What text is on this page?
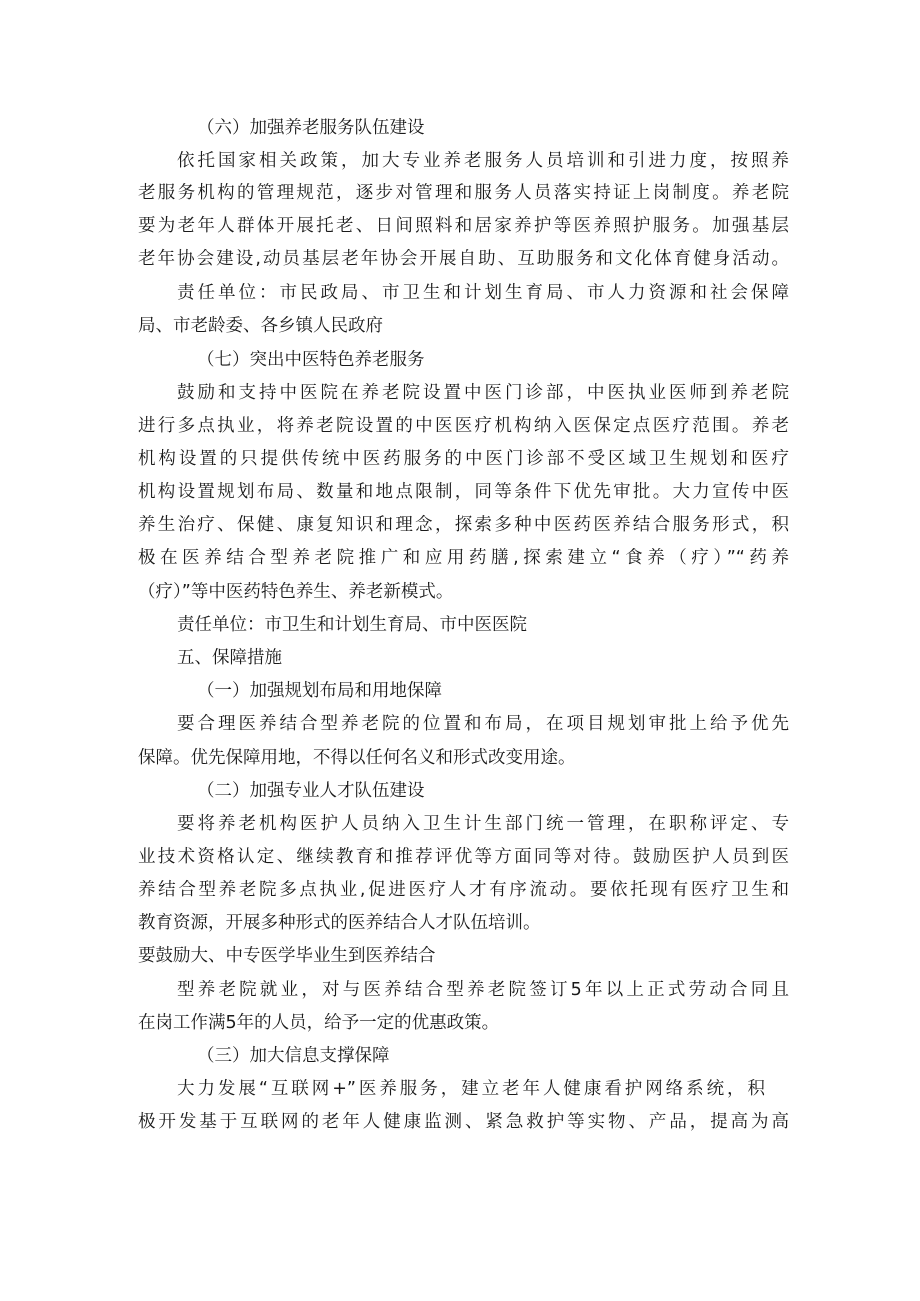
（六）加强养老服务队伍建设
依托国家相关政策，加大专业养老服务人员培训和引进力度，按照养
老服务机构的管理规范，逐步对管理和服务人员落实持证上岗制度。养老院
要为老年人群体开展托老、日间照料和居家养护等医养照护服务。加强基层
老年协会建设,动员基层老年协会开展自助、互助服务和文化体育健身活动。
责任单位：市民政局、市卫生和计划生育局、市人力资源和社会保障
局、市老龄委、各乡镇人民政府
（七）突出中医特色养老服务
鼓励和支持中医院在养老院设置中医门诊部，中医执业医师到养老院
进行多点执业，将养老院设置的中医医疗机构纳入医保定点医疗范围。养老
机构设置的只提供传统中医药服务的中医门诊部不受区域卫生规划和医疗
机构设置规划布局、数量和地点限制，同等条件下优先审批。大力宣传中医
养生治疗、保健、康复知识和理念，探索多种中医药医养结合服务形式，积
极在医养结合型养老院推广和应用药膳,探索建立“食养（疗）”“药养
（疗）”等中医药特色养生、养老新模式。
责任单位：市卫生和计划生育局、市中医医院
五、保障措施
（一）加强规划布局和用地保障
要合理医养结合型养老院的位置和布局，在项目规划审批上给予优先
保障。优先保障用地，不得以任何名义和形式改变用途。
（二）加强专业人才队伍建设
要将养老机构医护人员纳入卫生计生部门统一管理，在职称评定、专
业技术资格认定、继续教育和推荐评优等方面同等对待。鼓励医护人员到医
养结合型养老院多点执业,促进医疗人才有序流动。要依托现有医疗卫生和
教育资源，开展多种形式的医养结合人才队伍培训。
要鼓励大、中专医学毕业生到医养结合
型养老院就业，对与医养结合型养老院签订5年以上正式劳动合同且
在岗工作满5年的人员，给予一定的优惠政策。
（三）加大信息支撑保障
大力发展“互联网+”医养服务，建立老年人健康看护网络系统，积
极开发基于互联网的老年人健康监测、紧急救护等实物、产品，提高为高
